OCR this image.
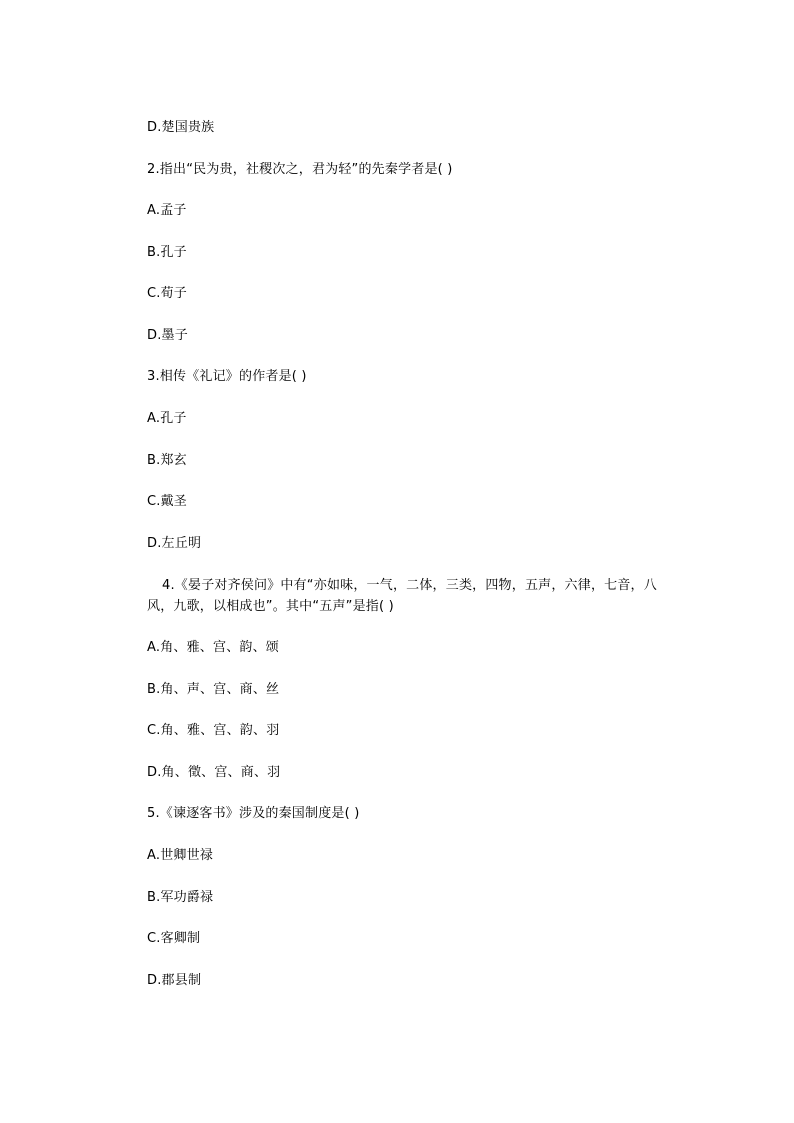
D.楚国贵族
2.指出“民为贵，社稷次之，君为轻”的先秦学者是( )
A.孟子
B.孔子
C.荀子
D.墨子
3.相传《礼记》的作者是( )
A.孔子
B.郑玄
C.戴圣
D.左丘明
4.《晏子对齐侯问》中有“亦如味，一气，二体，三类，四物，五声，六律，七音，八风，九歌，以相成也”。其中“五声”是指( )
A.角、雅、宫、韵、颂
B.角、声、宫、商、丝
C.角、雅、宫、韵、羽
D.角、徵、宫、商、羽
5.《谏逐客书》涉及的秦国制度是( )
A.世卿世禄
B.军功爵禄
C.客卿制
D.郡县制
